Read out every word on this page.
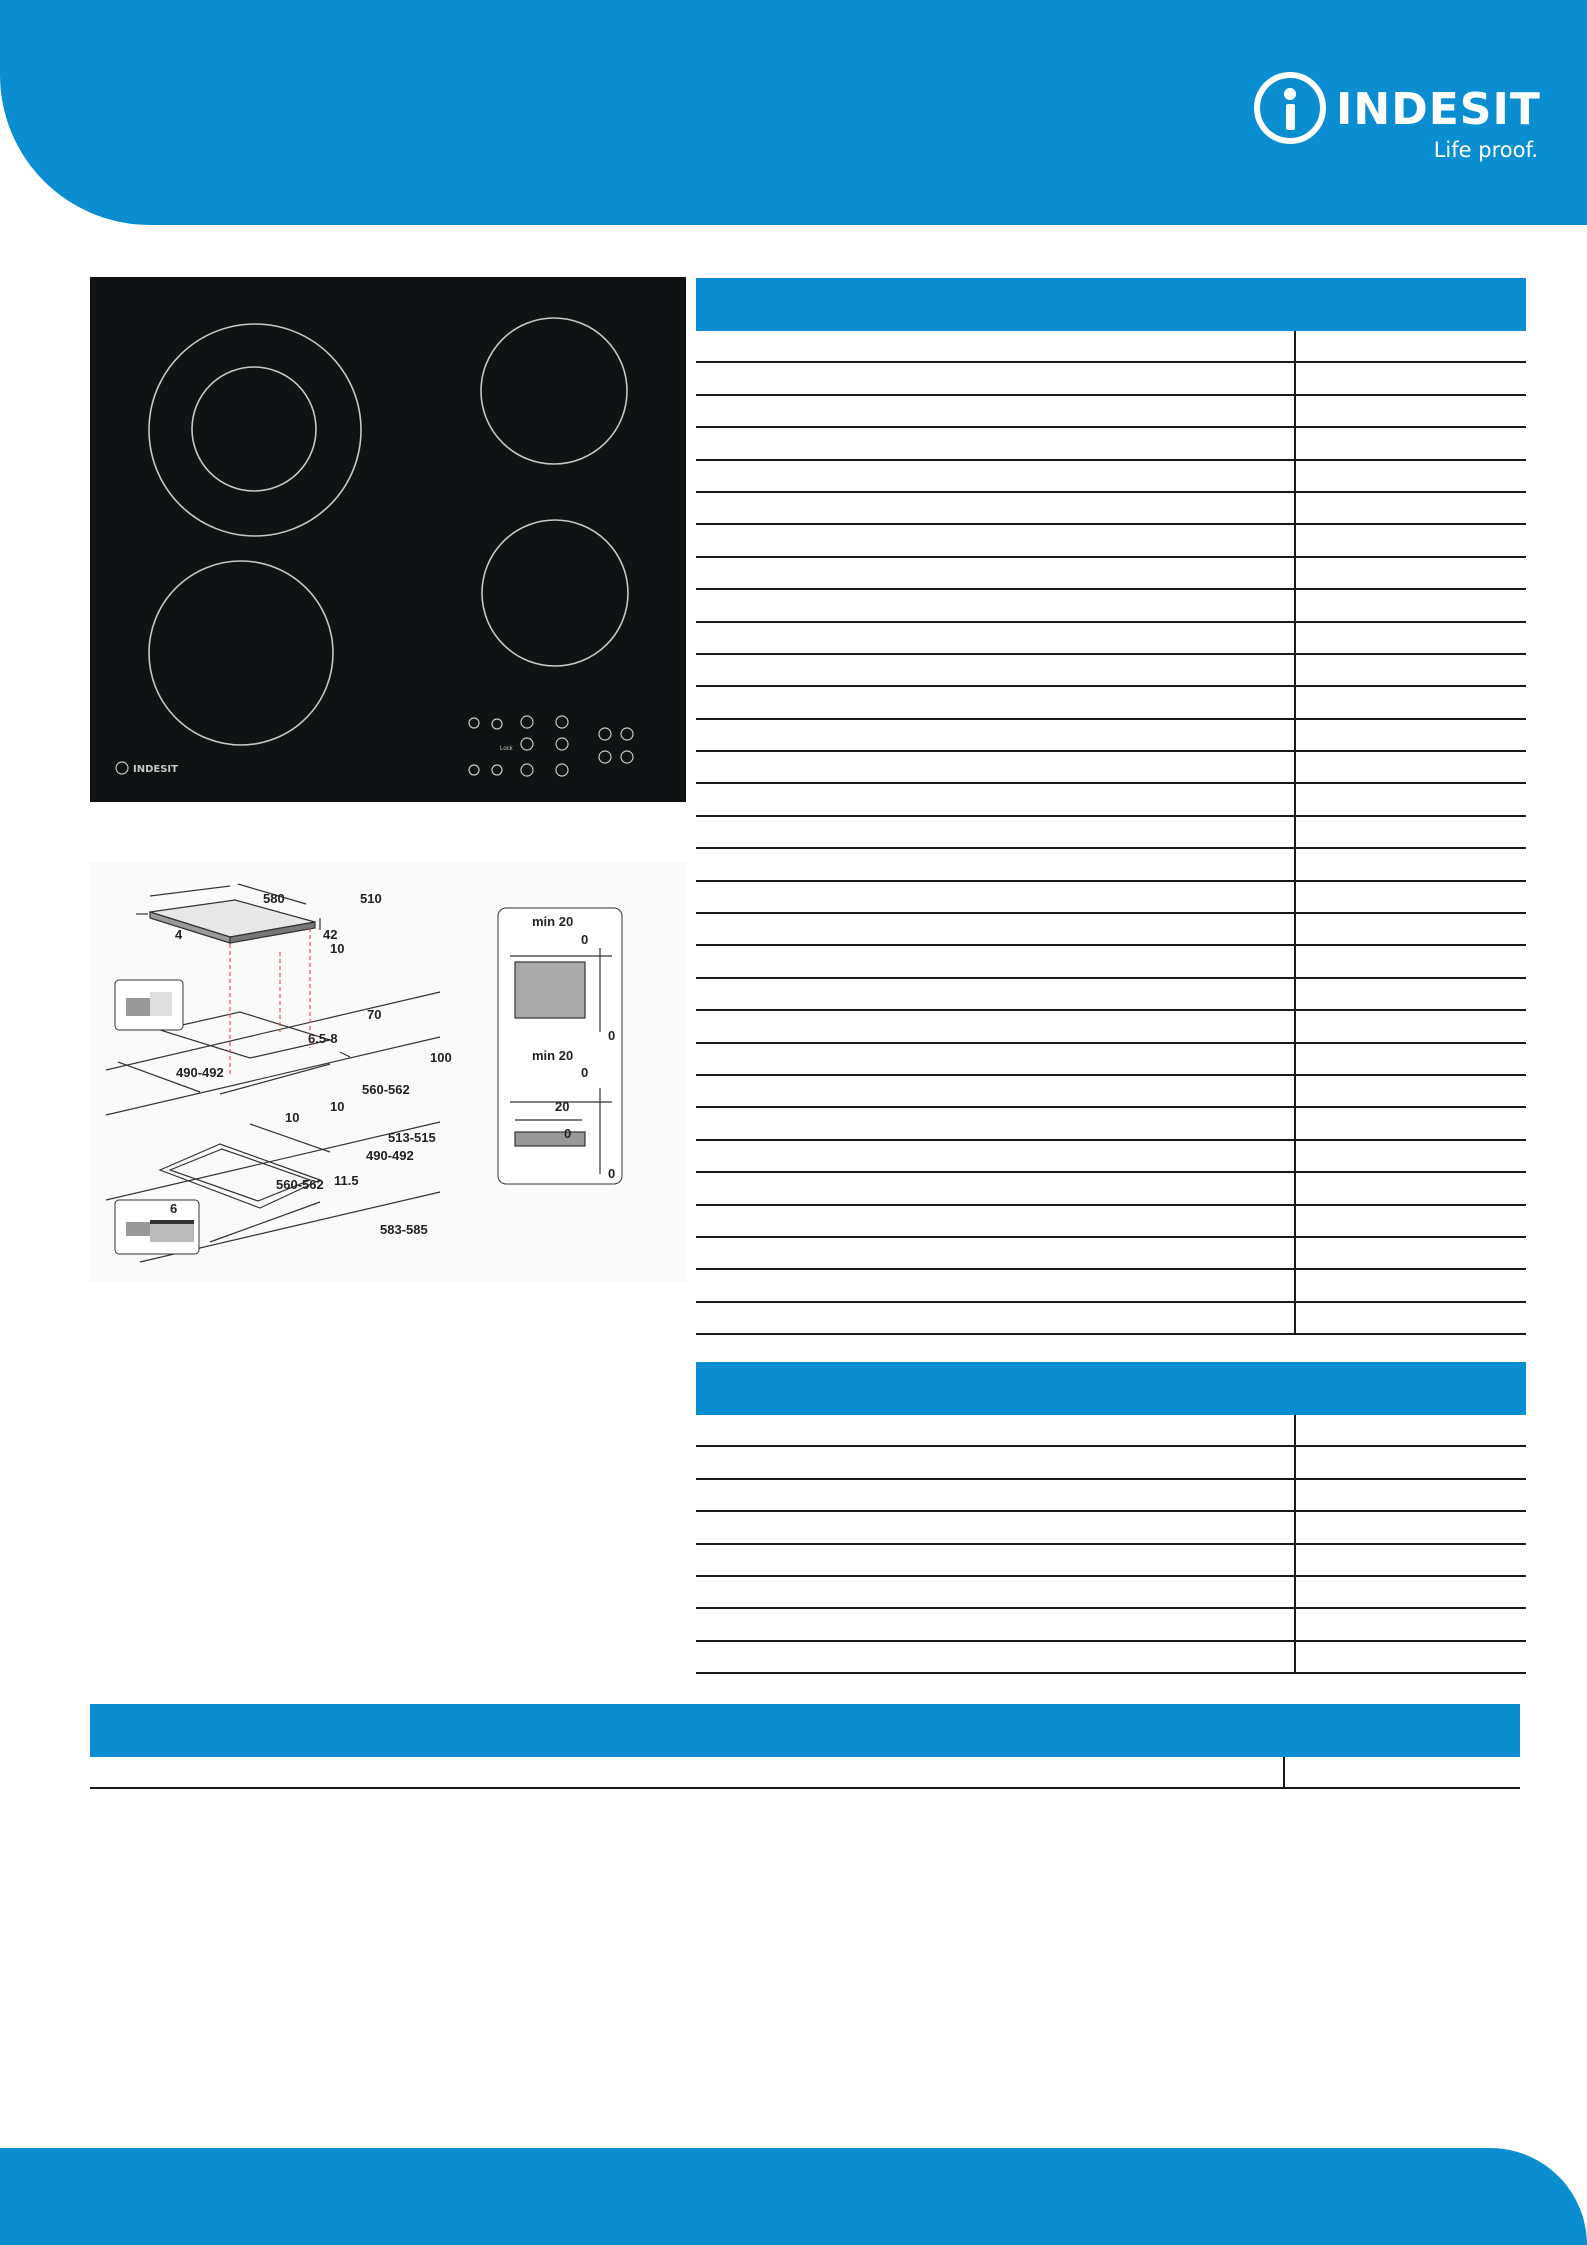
INDESIT
Life proof.
Lock
INDESIT
580	510
4	42
10
70
6.5-8
490-492
560-562
100
10
10
513-515
490-492
560-562 11.5
583-585
6
min 20
0
0
min 20
0
20
0
0
